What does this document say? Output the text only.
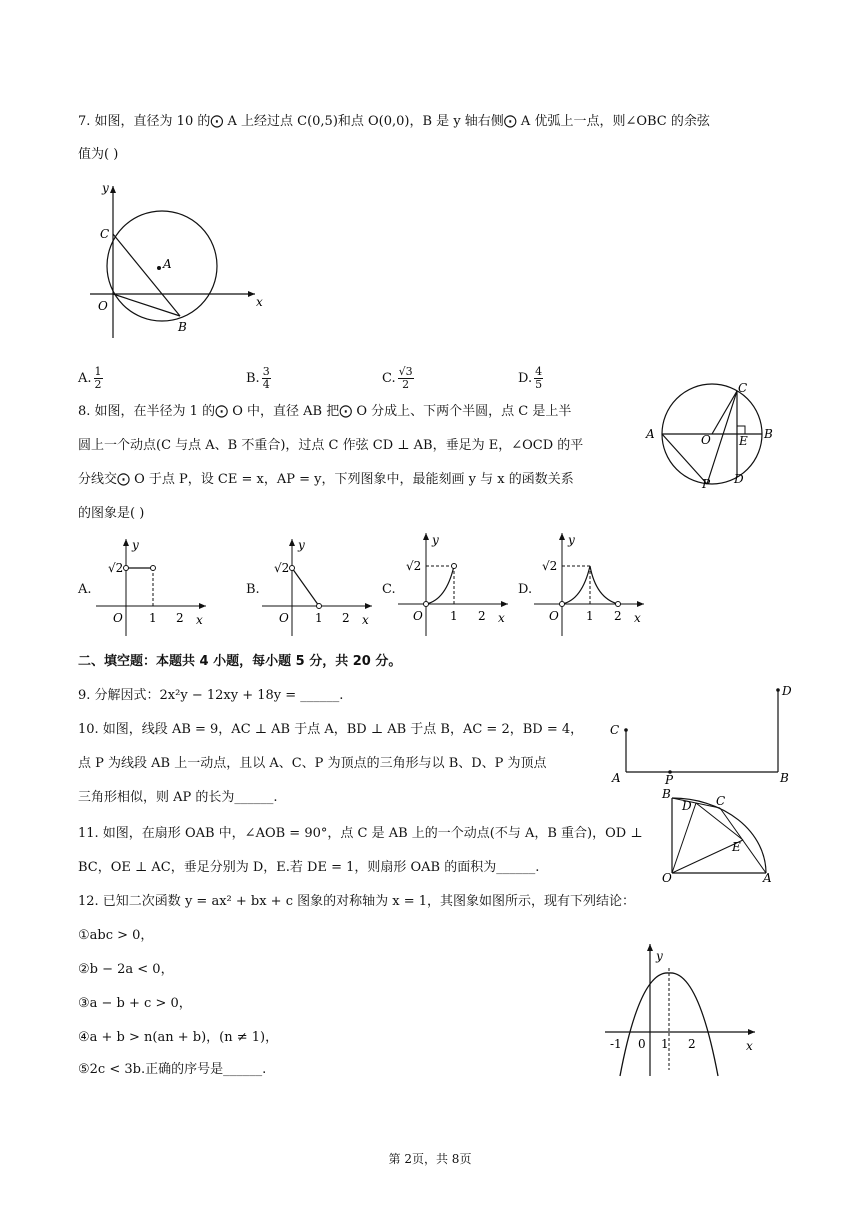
7. 如图，直径为 10 的⨀ A 上经过点 C(0,5)和点 O(0,0)，B 是 y 轴右侧⨀ A 优弧上一点，则∠OBC 的余弦
值为( )
y
x
C
A
O
B
A. $\frac{1}{2}$	B. $\frac{3}{4}$	C. $\frac{√3}{2}$	D. $\frac{4}{5}$
8. 如图，在半径为 1 的⨀ O 中，直径 AB 把⨀ O 分成上、下两个半圆，点 C 是上半
圆上一个动点(C 与点 A、B 不重合)，过点 C 作弦 CD ⊥ AB，垂足为 E，∠OCD 的平
分线交⨀ O 于点 P，设 CE = x，AP = y，下列图象中，最能刻画 y 与 x 的函数关系
的图象是( )
A	O E B
C
P D
A.
y
√2
O 1 2 x
B.
y
√2
O 1 2 x
C.
y
√2
O 1 2 x
D.
y
√2
O 1 2 x
二、填空题：本题共 4 小题，每小题 5 分，共 20 分。
9. 分解因式：2x²y − 12xy + 18y = ______.
10. 如图，线段 AB = 9，AC ⊥ AB 于点 A，BD ⊥ AB 于点 B，AC = 2，BD = 4，
点 P 为线段 AB 上一动点，且以 A、C、P 为顶点的三角形与以 B、D、P 为顶点
三角形相似，则 AP 的长为______.
C
D
A	P	B
11. 如图，在扇形 OAB 中，∠AOB = 90°，点 C 是 AB 上的一个动点(不与 A，B 重合)，OD ⊥
BC，OE ⊥ AC，垂足分别为 D，E.若 DE = 1，则扇形 OAB 的面积为______.
B
D C
E
O	A
12. 已知二次函数 y = ax² + bx + c 图象的对称轴为 x = 1，其图象如图所示，现有下列结论：
①abc > 0，
②b − 2a < 0，
③a − b + c > 0，
④a + b > n(an + b)，(n ≠ 1)，
⑤2c < 3b.正确的序号是______.
y
x
-1 0 1 2
第 2页，共 8页
